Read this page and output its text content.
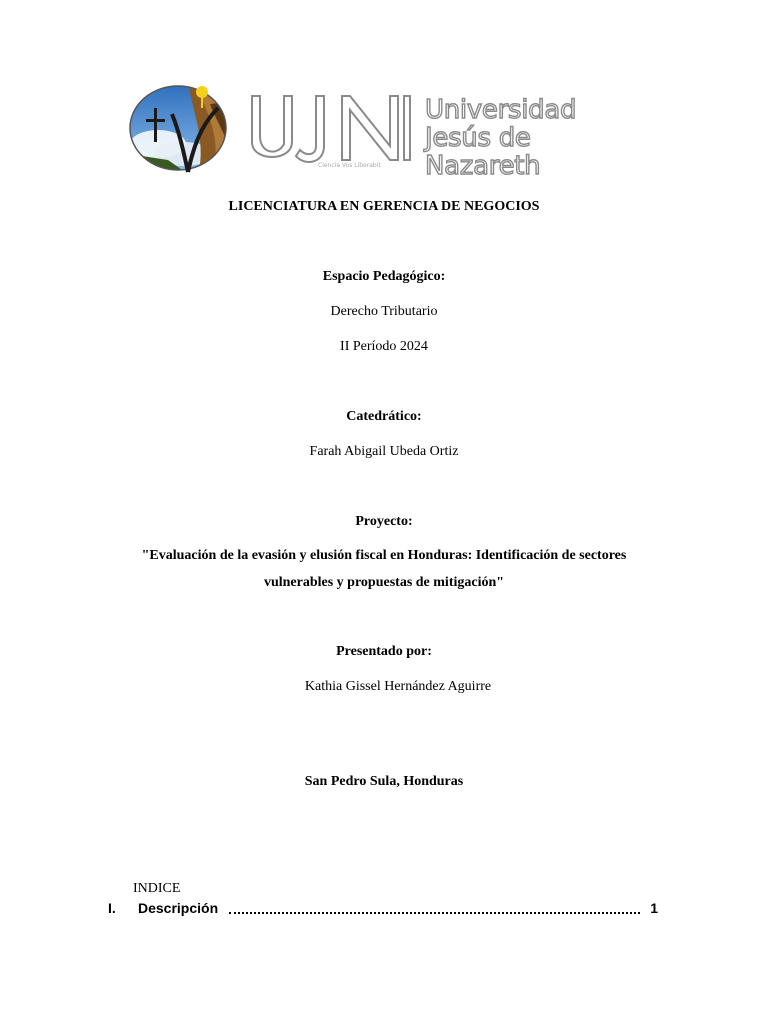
Universidad
Jesús de Nazareth
Ciencia Vos Liberabit
LICENCIATURA EN GERENCIA DE NEGOCIOS
Espacio Pedagógico:
Derecho Tributario
II Período 2024
Catedrático:
Farah Abigail Ubeda Ortiz
Proyecto:
"Evaluación de la evasión y elusión fiscal en Honduras: Identificación de sectores
vulnerables y propuestas de mitigación"
Presentado por:
Kathia Gissel Hernández Aguirre
San Pedro Sula, Honduras
INDICE
I. Descripción	1
